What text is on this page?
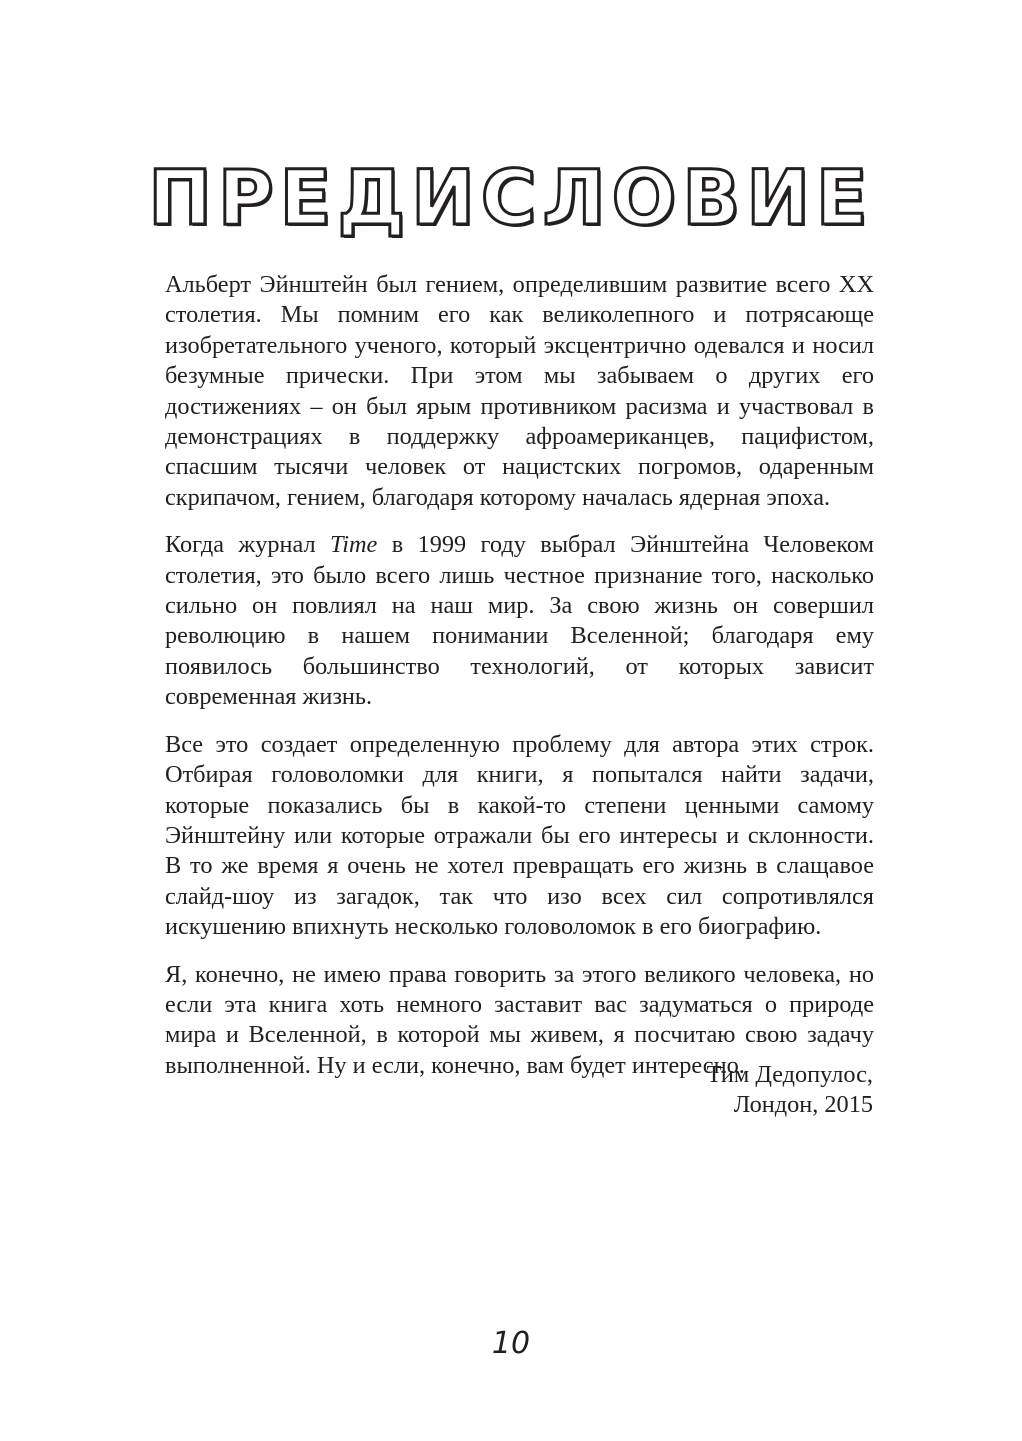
ПРЕДИСЛОВИЕ

Альберт Эйнштейн был гением, определившим развитие всего XX столетия. Мы помним его как великолепного и потрясающе изобретательного ученого, который эксцентрично одевался и носил безумные прически. При этом мы забываем о других его достижениях – он был ярым противником расизма и участвовал в демонстрациях в поддержку афроамериканцев, пацифистом, спасшим тысячи человек от нацистских погромов, одаренным скрипачом, гением, благодаря которому началась ядерная эпоха.

Когда журнал Time в 1999 году выбрал Эйнштейна Человеком столетия, это было всего лишь честное признание того, насколько сильно он повлиял на наш мир. За свою жизнь он совершил революцию в нашем понимании Вселенной; благодаря ему появилось большинство технологий, от которых зависит современная жизнь.

Все это создает определенную проблему для автора этих строк. Отбирая головоломки для книги, я попытался найти задачи, которые показались бы в какой-то степени ценными самому Эйнштейну или которые отражали бы его интересы и склонности. В то же время я очень не хотел превращать его жизнь в слащавое слайд-шоу из загадок, так что изо всех сил сопротивлялся искушению впихнуть несколько головоломок в его биографию.

Я, конечно, не имею права говорить за этого великого человека, но если эта книга хоть немного заставит вас задуматься о природе мира и Вселенной, в которой мы живем, я посчитаю свою задачу выполненной. Ну и если, конечно, вам будет интересно.

Тим Дедопулос,
Лондон, 2015
10
